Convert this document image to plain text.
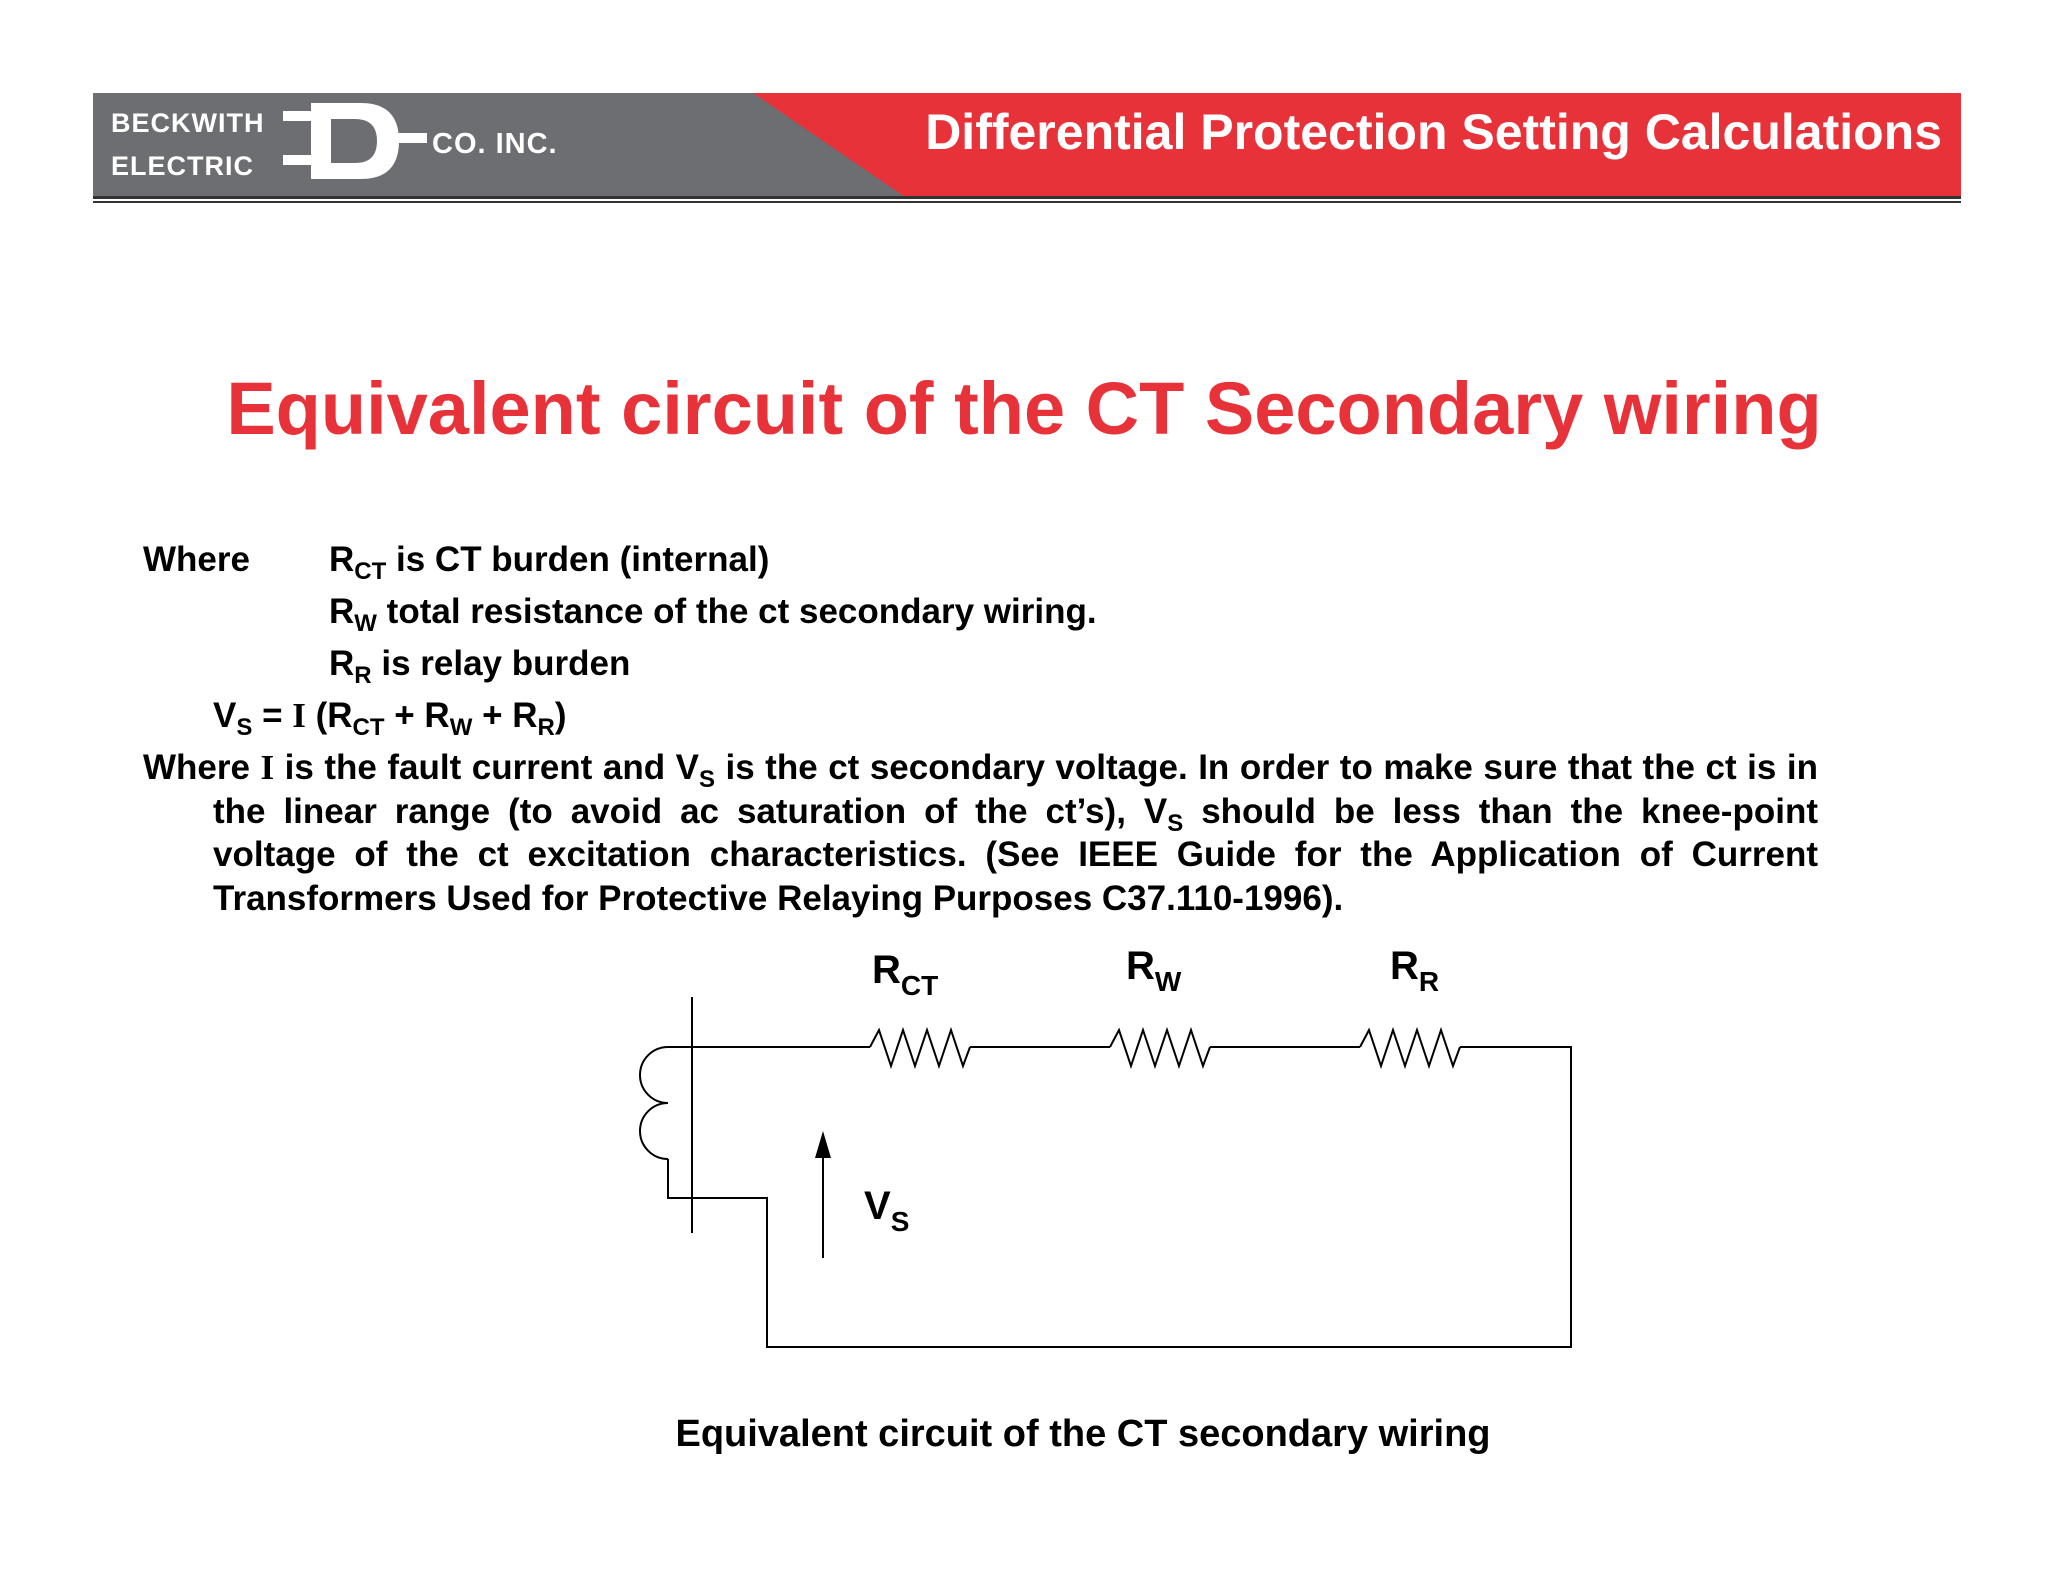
BECKWITH
ELECTRIC
CO. INC.	Differential Protection Setting Calculations
Equivalent circuit of the CT Secondary wiring
Where $R_{CT}$ is CT burden (internal)
$R_W$ total resistance of the ct secondary wiring.
$R_R$ is relay burden
$V_S = I$ $(R_{CT} + R_W + R_R)$
Where I is the fault current and $V_S$ is the ct secondary voltage. In order to make sure that the ct is in the linear range (to avoid ac saturation of the ct’s), $V_S$ should be less than the knee-point voltage of the ct excitation characteristics. (See IEEE Guide for the Application of Current Transformers Used for Protective Relaying Purposes C37.110-1996).
$R_{CT}$	$R_W$	$R_R$
$V_S$
Equivalent circuit of the CT secondary wiring
